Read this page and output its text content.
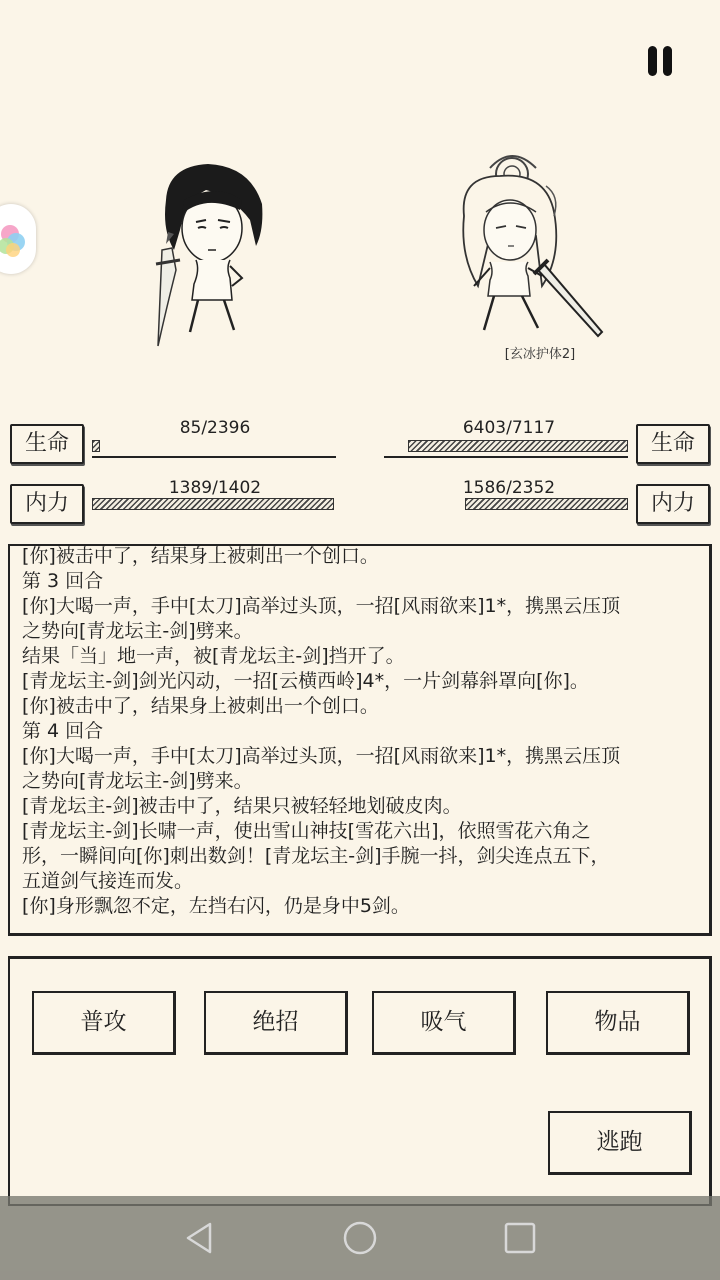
[玄冰护体2]
生命
85/2396
生命
6403/7117
内力
1389/1402
内力
1586/2352
[你]被击中了，结果身上被刺出一个创口。
第 3 回合
[你]大喝一声，手中[太刀]高举过头顶，一招[风雨欲来]1*，携黑云压顶
之势向[青龙坛主-剑]劈来。
结果「当」地一声，被[青龙坛主-剑]挡开了。
[青龙坛主-剑]剑光闪动，一招[云横西岭]4*，一片剑幕斜罩向[你]。
[你]被击中了，结果身上被刺出一个创口。
第 4 回合
[你]大喝一声，手中[太刀]高举过头顶，一招[风雨欲来]1*，携黑云压顶
之势向[青龙坛主-剑]劈来。
[青龙坛主-剑]被击中了，结果只被轻轻地划破皮肉。
[青龙坛主-剑]长啸一声，使出雪山神技[雪花六出]，依照雪花六角之
形，一瞬间向[你]刺出数剑！[青龙坛主-剑]手腕一抖，剑尖连点五下，
五道剑气接连而发。
[你]身形飘忽不定，左挡右闪，仍是身中5剑。
普攻	绝招	吸气	物品
逃跑
